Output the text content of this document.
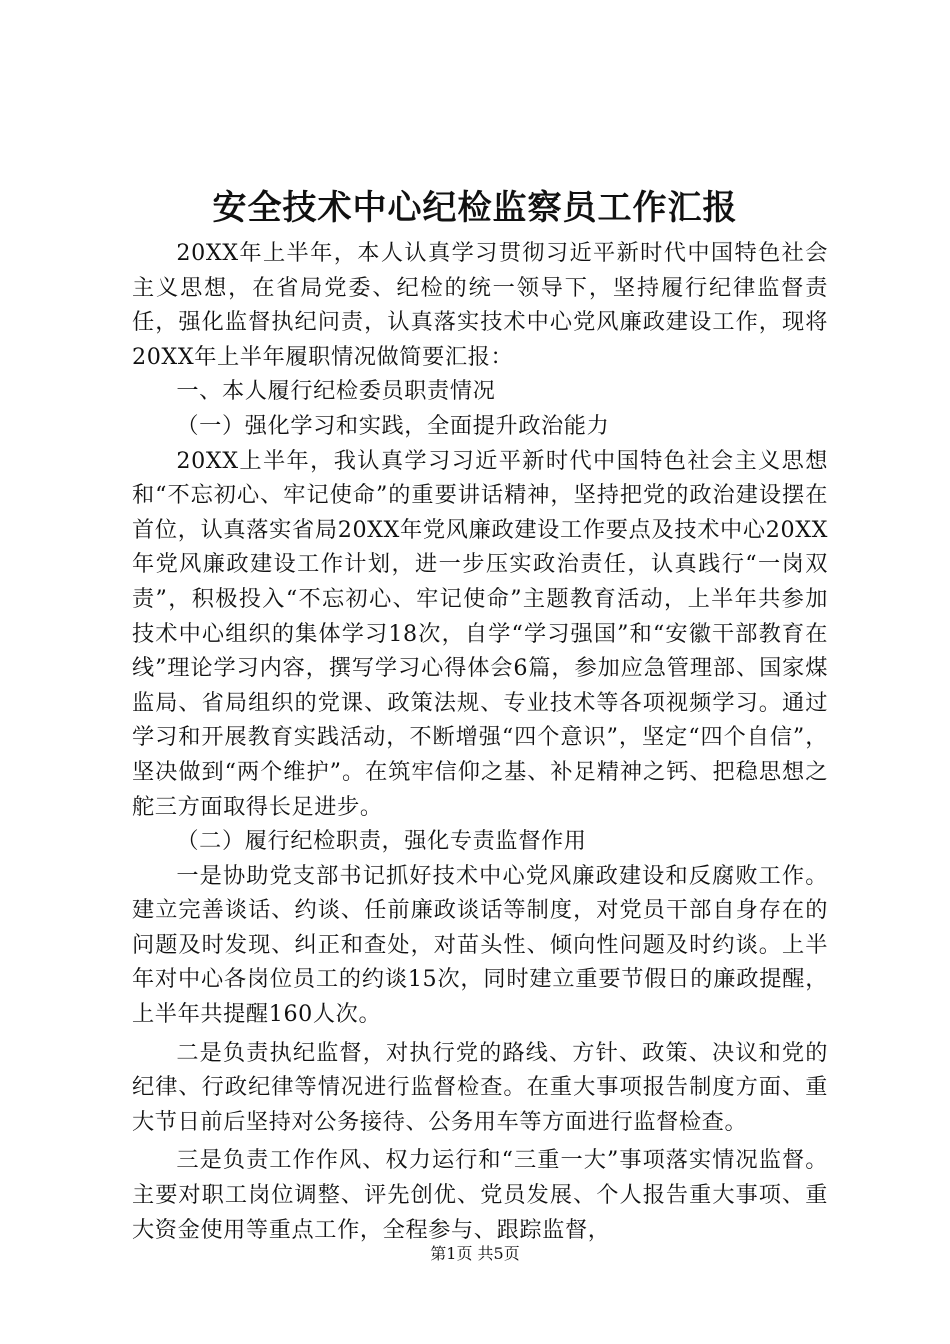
安全技术中心纪检监察员工作汇报

20XX年上半年，本人认真学习贯彻习近平新时代中国特色社会主义思想，在省局党委、纪检的统一领导下，坚持履行纪律监督责任，强化监督执纪问责，认真落实技术中心党风廉政建设工作，现将20XX年上半年履职情况做简要汇报：

一、本人履行纪检委员职责情况

（一）强化学习和实践，全面提升政治能力

20XX上半年，我认真学习习近平新时代中国特色社会主义思想和“不忘初心、牢记使命”的重要讲话精神，坚持把党的政治建设摆在首位，认真落实省局20XX年党风廉政建设工作要点及技术中心20XX年党风廉政建设工作计划，进一步压实政治责任，认真践行“一岗双责”，积极投入“不忘初心、牢记使命”主题教育活动，上半年共参加技术中心组织的集体学习18次，自学“学习强国”和“安徽干部教育在线”理论学习内容，撰写学习心得体会6篇，参加应急管理部、国家煤监局、省局组织的党课、政策法规、专业技术等各项视频学习。通过学习和开展教育实践活动，不断增强“四个意识”，坚定“四个自信”，坚决做到“两个维护”。在筑牢信仰之基、补足精神之钙、把稳思想之舵三方面取得长足进步。

（二）履行纪检职责，强化专责监督作用

一是协助党支部书记抓好技术中心党风廉政建设和反腐败工作。建立完善谈话、约谈、任前廉政谈话等制度，对党员干部自身存在的问题及时发现、纠正和查处，对苗头性、倾向性问题及时约谈。上半年对中心各岗位员工的约谈15次，同时建立重要节假日的廉政提醒，上半年共提醒160人次。

二是负责执纪监督，对执行党的路线、方针、政策、决议和党的纪律、行政纪律等情况进行监督检查。在重大事项报告制度方面、重大节日前后坚持对公务接待、公务用车等方面进行监督检查。

三是负责工作作风、权力运行和“三重一大”事项落实情况监督。主要对职工岗位调整、评先创优、党员发展、个人报告重大事项、重大资金使用等重点工作，全程参与、跟踪监督，

第1页 共5页
